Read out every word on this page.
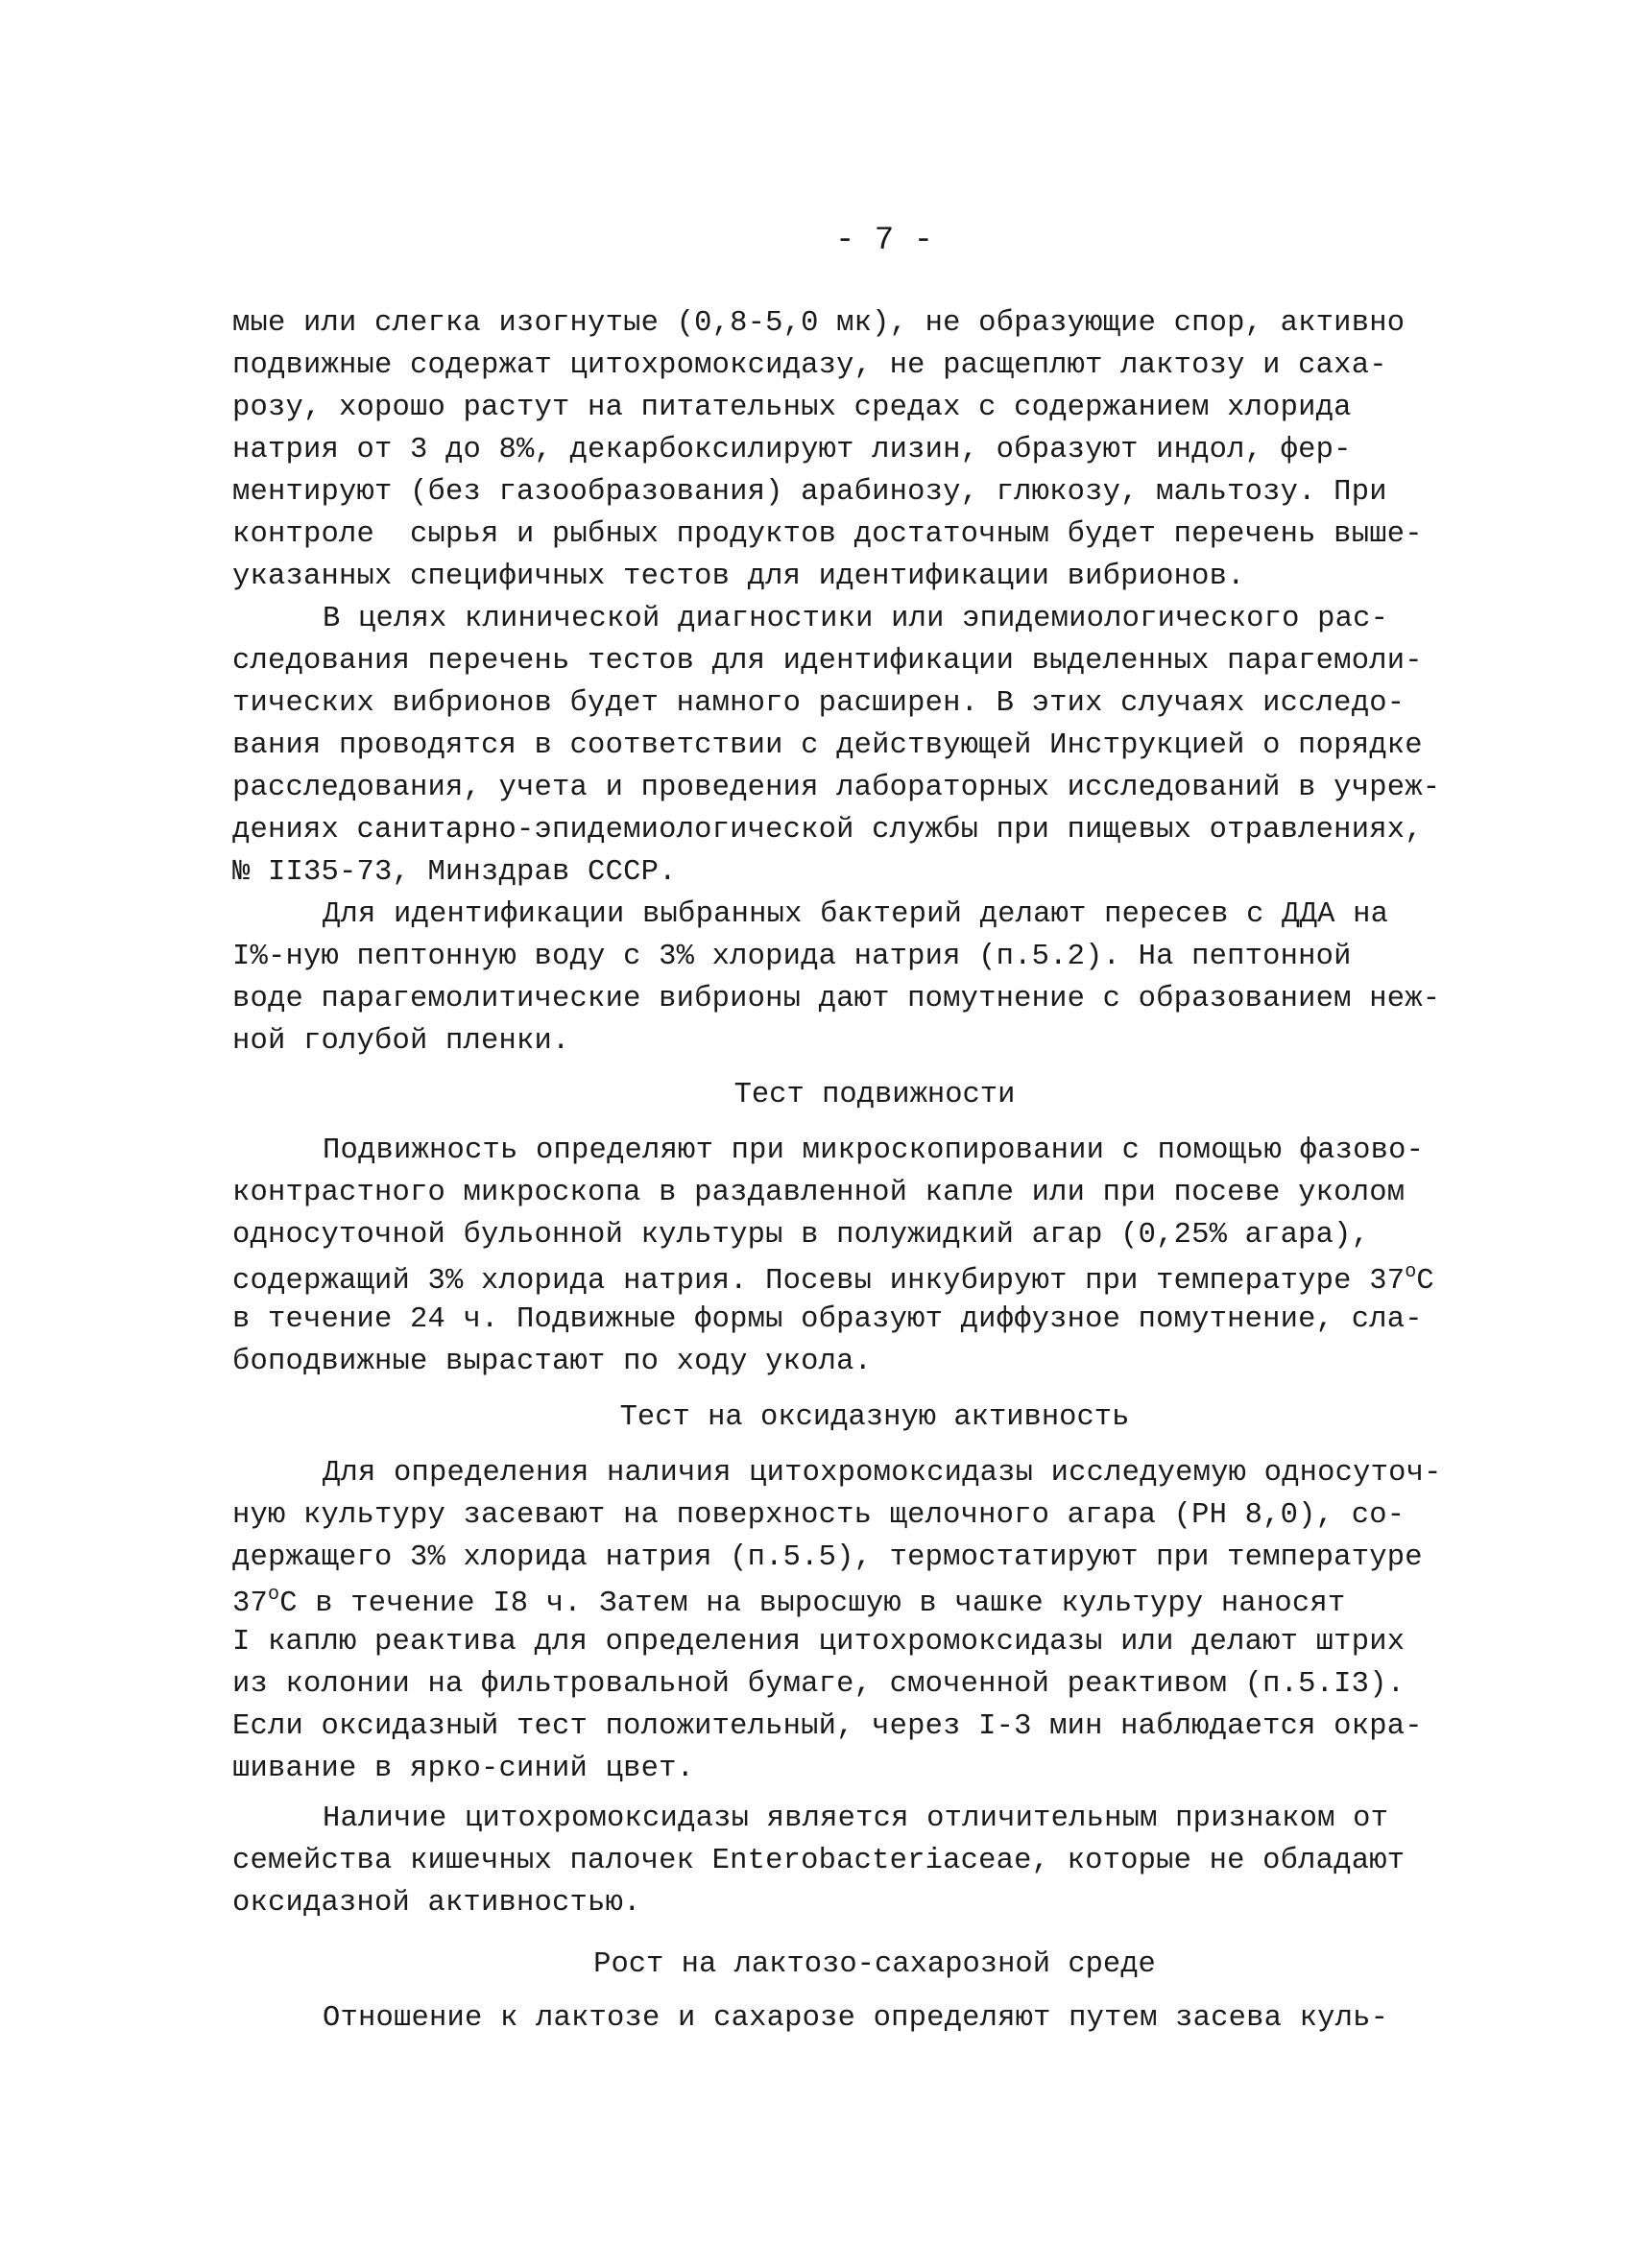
- 7 -
мые или слегка изогнутые (0,8-5,0 мк), не образующие спор, активно
подвижные содержат цитохромоксидазу, не расщеплют лактозу и саха-
розу, хорошо растут на питательных средах с содержанием хлорида
натрия от 3 до 8%, декарбоксилируют лизин, образуют индол, фер-
ментируют (без газообразования) арабинозу, глюкозу, мальтозу. При
контроле  сырья и рыбных продуктов достаточным будет перечень выше-
указанных специфичных тестов для идентификации вибрионов.
В целях клинической диагностики или эпидемиологического рас-
следования перечень тестов для идентификации выделенных парагемоли-
тических вибрионов будет намного расширен. В этих случаях исследо-
вания проводятся в соответствии с действующей Инструкцией о порядке
расследования, учета и проведения лабораторных исследований в учреж-
дениях санитарно-эпидемиологической службы при пищевых отравлениях,
№ II35-73, Минздрав СССР.
Для идентификации выбранных бактерий делают пересев с ДДА на
I%-ную пептонную воду с 3% хлорида натрия (п.5.2). На пептонной
воде парагемолитические вибрионы дают помутнение с образованием неж-
ной голубой пленки.
Тест подвижности
Подвижность определяют при микроскопировании с помощью фазово-
контрастного микроскопа в раздавленной капле или при посеве уколом
односуточной бульонной культуры в полужидкий агар (0,25% агара),
содержащий 3% хлорида натрия. Посевы инкубируют при температуре $37^оС$
в течение 24 ч. Подвижные формы образуют диффузное помутнение, сла-
боподвижные вырастают по ходу укола.
Тест на оксидазную активность
Для определения наличия цитохромоксидазы исследуемую односуточ-
ную культуру засевают на поверхность щелочного агара (РН 8,0), со-
держащего 3% хлорида натрия (п.5.5), термостатируют при температуре
$37^оС$ в течение I8 ч. Затем на выросшую в чашке культуру наносят
I каплю реактива для определения цитохромоксидазы или делают штрих
из колонии на фильтровальной бумаге, смоченной реактивом (п.5.I3).
Если оксидазный тест положительный, через I-3 мин наблюдается окра-
шивание в ярко-синий цвет.
Наличие цитохромоксидазы является отличительным признаком от
семейства кишечных палочек Enterobacteriaceae, которые не обладают
оксидазной активностью.
Рост на лактозо-сахарозной среде
Отношение к лактозе и сахарозе определяют путем засева куль-
